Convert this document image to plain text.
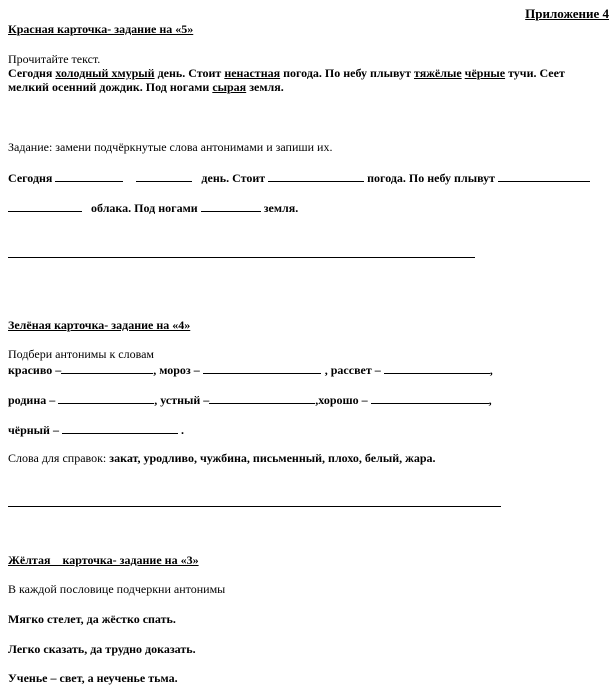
Приложение 4
Красная карточка- задание на «5»
Прочитайте текст.
Сегодня холодный хмурый день. Стоит ненастная погода. По небу плывут тяжёлые чёрные тучи. Сеет
мелкий осенний дождик. Под ногами сырая земля.
Задание: замени подчёркнутые слова антонимами и запиши их.
Сегодня	день. Стоит	погода. По небу плывут
облака. Под ногами	земля.
Зелёная карточка- задание на «4»
Подбери антонимы к словам
красиво –	, мороз –	, рассвет –	,
родина –	, устный –	,хорошо –	,
чёрный –	.
Слова для справок: закат, уродливо, чужбина, письменный, плохо, белый, жара.
Жёлтая    карточка- задание на «3»
В каждой пословице подчеркни антонимы
Мягко стелет, да жёстко спать.
Легко сказать, да трудно доказать.
Ученье – свет, а неученье тьма.
